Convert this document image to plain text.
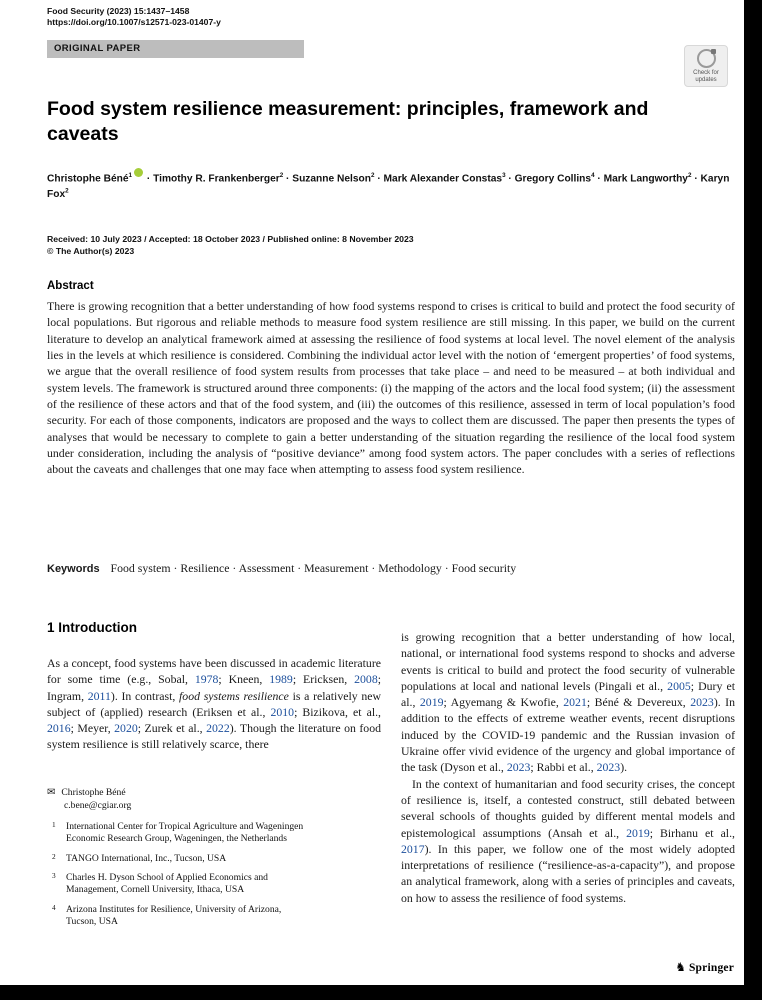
Food Security (2023) 15:1437–1458
https://doi.org/10.1007/s12571-023-01407-y
ORIGINAL PAPER
Check for
updates
Food system resilience measurement: principles, framework and caveats
Christophe Béné$^1$ · Timothy R. Frankenberger$^2$ · Suzanne Nelson$^2$ · Mark Alexander Constas$^3$ · Gregory Collins$^4$ · Mark Langworthy$^2$ · Karyn Fox$^2$
Received: 10 July 2023 / Accepted: 18 October 2023 / Published online: 8 November 2023
© The Author(s) 2023
Abstract

There is growing recognition that a better understanding of how food systems respond to crises is critical to build and protect the food security of local populations. But rigorous and reliable methods to measure food system resilience are still missing. In this paper, we build on the current literature to develop an analytical framework aimed at assessing the resilience of food systems at local level. The novel element of the analysis lies in the levels at which resilience is considered. Combining the individual actor level with the notion of ‘emergent properties’ of food systems, we argue that the overall resilience of food system results from processes that take place – and need to be measured – at both individual and system levels. The framework is structured around three components: (i) the mapping of the actors and the local food system; (ii) the assessment of the resilience of these actors and that of the food system, and (iii) the outcomes of this resilience, assessed in term of local population’s food security. For each of those components, indicators are proposed and the ways to collect them are discussed. The paper then presents the types of analyses that would be necessary to complete to gain a better understanding of the situation regarding the resilience of the local food system under consideration, including the analysis of “positive deviance” among food system actors. The paper concludes with a series of reflections about the caveats and challenges that one may face when attempting to assess food system resilience.

Keywords Food system · Resilience · Assessment · Measurement · Methodology · Food security
1 Introduction

As a concept, food systems have been discussed in academic literature for some time (e.g., Sobal, 1978; Kneen, 1989; Ericksen, 2008; Ingram, 2011). In contrast, food systems resilience is a relatively new subject of (applied) research (Eriksen et al., 2010; Bizikova, et al., 2016; Meyer, 2020; Zurek et al., 2022). Though the literature on food system resilience is still relatively scarce, there

is growing recognition that a better understanding of how local, national, or international food systems respond to shocks and adverse events is critical to build and protect the food security of vulnerable populations at local and national levels (Pingali et al., 2005; Dury et al., 2019; Agyemang & Kwofie, 2021; Béné & Devereux, 2023). In addition to the effects of extreme weather events, recent disruptions induced by the COVID-19 pandemic and the Russian invasion of Ukraine offer vivid evidence of the urgency and global importance of the task (Dyson et al., 2023; Rabbi et al., 2023).

In the context of humanitarian and food security crises, the concept of resilience is, itself, a contested construct, still debated between several schools of thoughts guided by different mental models and epistemological assumptions (Ansah et al., 2019; Birhanu et al., 2017). In this paper, we follow one of the most widely adopted interpretations of resilience (“resilience-as-a-capacity”), and propose an analytical framework, along with a series of principles and caveats, on how to assess the resilience of food systems.

✉ Christophe Béné
c.bene@cgiar.org
1 International Center for Tropical Agriculture and Wageningen Economic Research Group, Wageningen, the Netherlands
2 TANGO International, Inc., Tucson, USA
3 Charles H. Dyson School of Applied Economics and Management, Cornell University, Ithaca, USA
4 Arizona Institutes for Resilience, University of Arizona, Tucson, USA
♞ Springer
